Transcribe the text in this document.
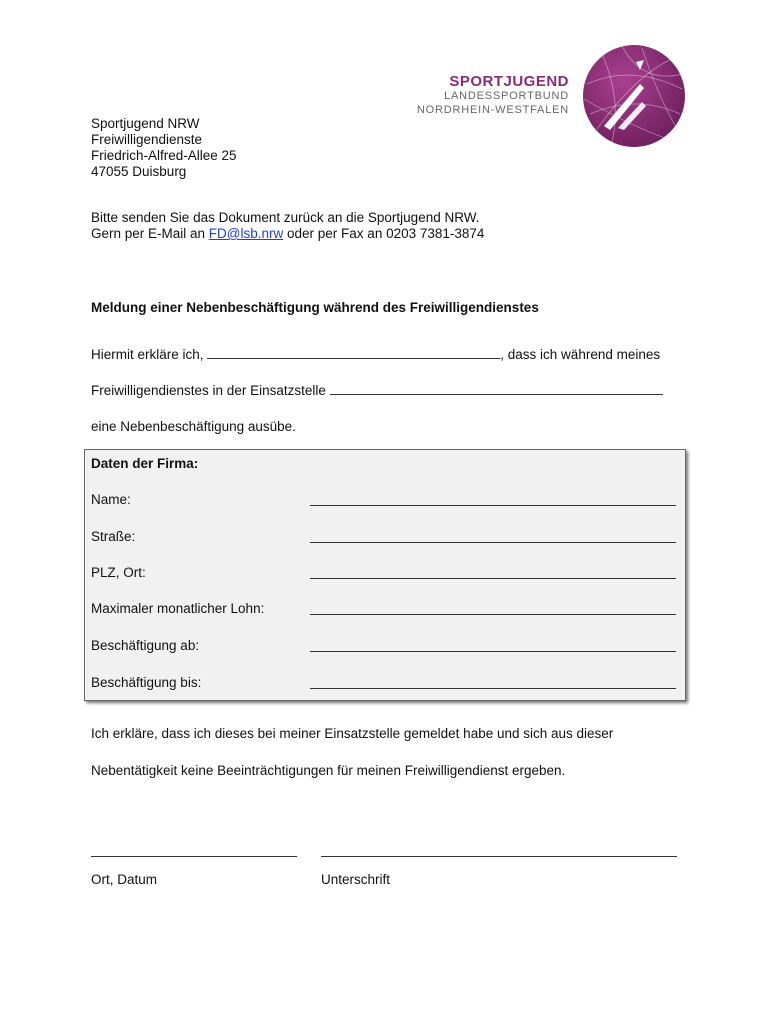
SPORTJUGEND
LANDESSPORTBUND
NORDRHEIN-WESTFALEN
Sportjugend NRW
Freiwilligendienste
Friedrich-Alfred-Allee 25
47055 Duisburg
Bitte senden Sie das Dokument zurück an die Sportjugend NRW.
Gern per E-Mail an FD@lsb.nrw oder per Fax an 0203 7381-3874
Meldung einer Nebenbeschäftigung während des Freiwilligendienstes
Hiermit erkläre ich,	, dass ich während meines
Freiwilligendienstes in der Einsatzstelle
eine Nebenbeschäftigung ausübe.
Daten der Firma:
Name:
Straße:
PLZ, Ort:
Maximaler monatlicher Lohn:
Beschäftigung ab:
Beschäftigung bis:
Ich erkläre, dass ich dieses bei meiner Einsatzstelle gemeldet habe und sich aus dieser
Nebentätigkeit keine Beeinträchtigungen für meinen Freiwilligendienst ergeben.
Ort, Datum	Unterschrift
